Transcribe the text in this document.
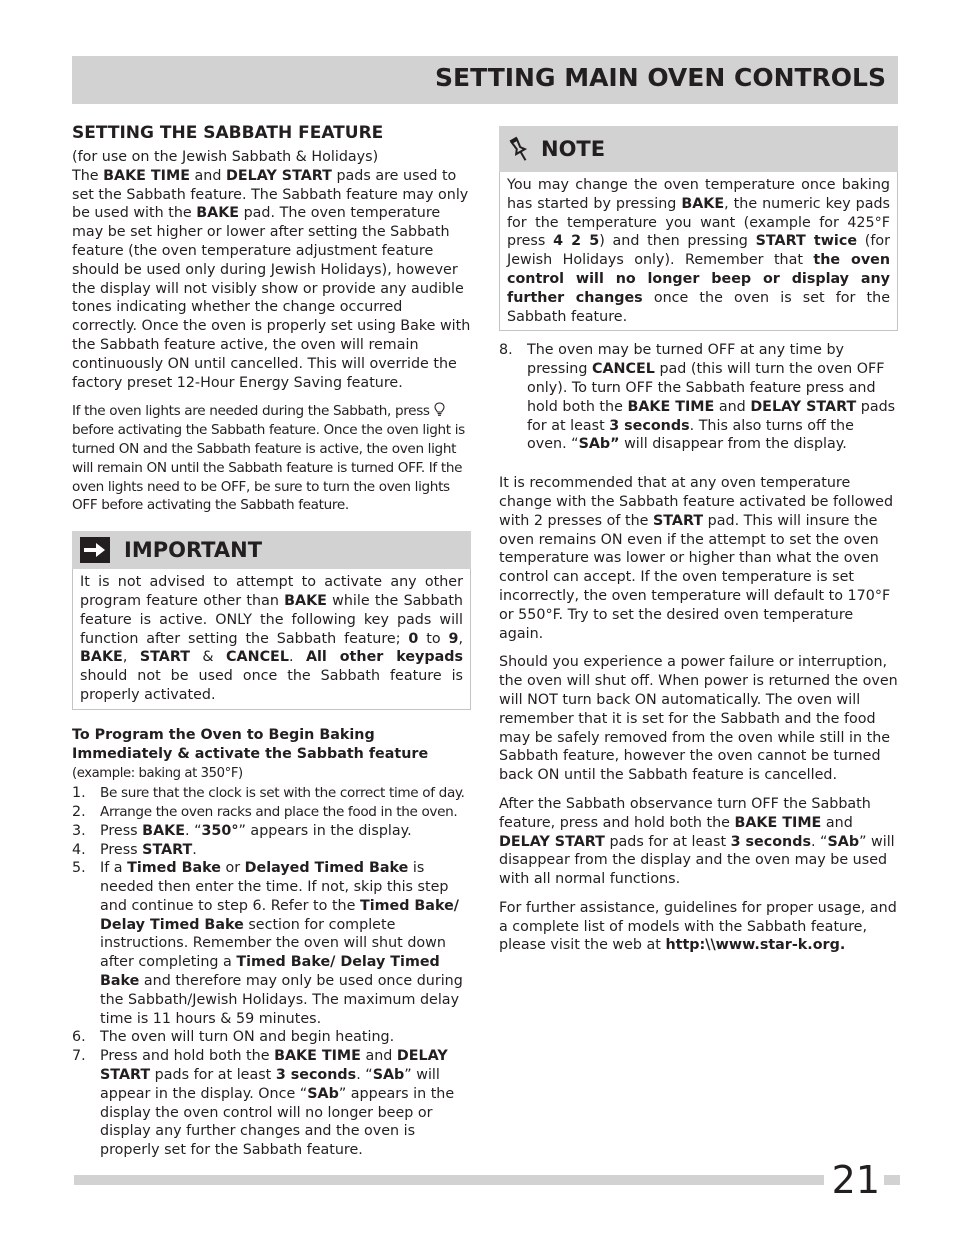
SETTING MAIN OVEN CONTROLS
SETTING THE SABBATH FEATURE

(for use on the Jewish Sabbath & Holidays)
The BAKE TIME and DELAY START pads are used to set the Sabbath feature. The Sabbath feature may only be used with the BAKE pad. The oven temperature may be set higher or lower after setting the Sabbath feature (the oven temperature adjustment feature should be used only during Jewish Holidays), however the display will not visibly show or provide any audible tones indicating whether the change occurred correctly. Once the oven is properly set using Bake with the Sabbath feature active, the oven will remain continuously ON until cancelled. This will override the factory preset 12-Hour Energy Saving feature.

If the oven lights are needed during the Sabbath, press  before activating the Sabbath feature. Once the oven light is turned ON and the Sabbath feature is active, the oven light will remain ON until the Sabbath feature is turned OFF. If the oven lights need to be OFF, be sure to turn the oven lights OFF before activating the Sabbath feature.

IMPORTANT
It is not advised to attempt to activate any other program feature other than BAKE while the Sabbath feature is active. ONLY the following key pads will function after setting the Sabbath feature; 0 to 9, BAKE, START & CANCEL. All other keypads should not be used once the Sabbath feature is properly activated.

To Program the Oven to Begin Baking Immediately & activate the Sabbath feature (example: baking at 350°F)

1.	Be sure that the clock is set with the correct time of day.
2.	Arrange the oven racks and place the food in the oven.
3.	Press BAKE. “350°” appears in the display.
4.	Press START.
5.	If a Timed Bake or Delayed Timed Bake is needed then enter the time. If not, skip this step and continue to step 6. Refer to the Timed Bake/ Delay Timed Bake section for complete instructions. Remember the oven will shut down after completing a Timed Bake/ Delay Timed Bake and therefore may only be used once during the Sabbath/Jewish Holidays. The maximum delay time is 11 hours & 59 minutes.
6.	The oven will turn ON and begin heating.
7.	Press and hold both the BAKE TIME and DELAY START pads for at least 3 seconds. “SAb” will appear in the display. Once “SAb” appears in the display the oven control will no longer beep or display any further changes and the oven is properly set for the Sabbath feature.
NOTE
You may change the oven temperature once baking has started by pressing BAKE, the numeric key pads for the temperature you want (example for 425°F press 4 2 5) and then pressing START twice (for Jewish Holidays only). Remember that the oven control will no longer beep or display any further changes once the oven is set for the Sabbath feature.
8.	The oven may be turned OFF at any time by pressing CANCEL pad (this will turn the oven OFF only). To turn OFF the Sabbath feature press and hold both the BAKE TIME and DELAY START pads for at least 3 seconds. This also turns off the oven. “SAb” will disappear from the display.

It is recommended that at any oven temperature change with the Sabbath feature activated be followed with 2 presses of the START pad. This will insure the oven remains ON even if the attempt to set the oven temperature was lower or higher than what the oven control can accept. If the oven temperature is set incorrectly, the oven temperature will default to 170°F or 550°F. Try to set the desired oven temperature again.

Should you experience a power failure or interruption, the oven will shut off. When power is returned the oven will NOT turn back ON automatically. The oven will remember that it is set for the Sabbath and the food may be safely removed from the oven while still in the Sabbath feature, however the oven cannot be turned back ON until the Sabbath feature is cancelled.

After the Sabbath observance turn OFF the Sabbath feature, press and hold both the BAKE TIME and DELAY START pads for at least 3 seconds. “SAb” will disappear from the display and the oven may be used with all normal functions.

For further assistance, guidelines for proper usage, and a complete list of models with the Sabbath feature, please visit the web at http:\\www.star-k.org.

21
